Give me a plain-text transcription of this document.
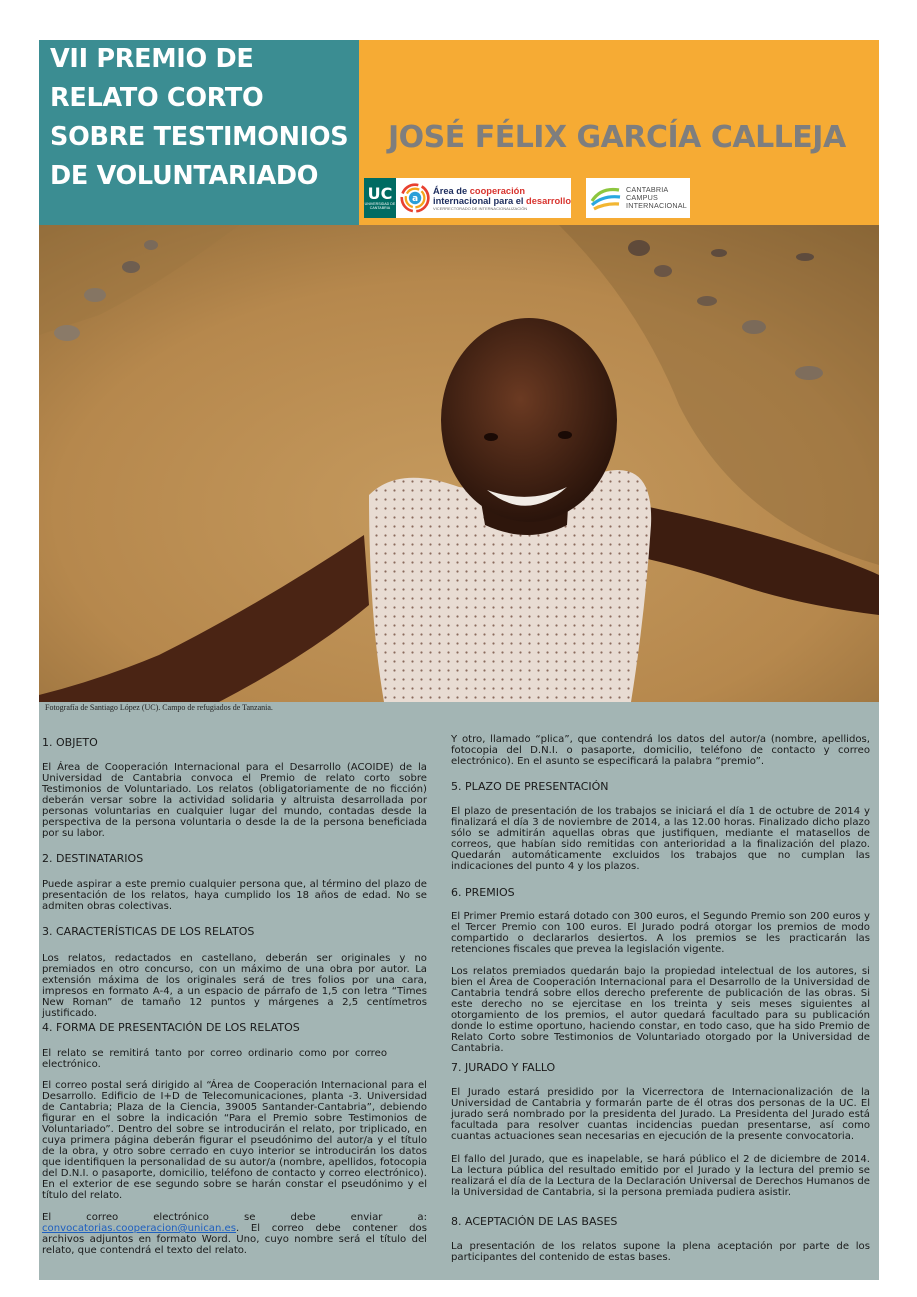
VII PREMIO DE
RELATO CORTO
SOBRE TESTIMONIOS
DE VOLUNTARIADO
JOSÉ FÉLIX GARCÍA CALLEJA
UC
UNIVERSIDAD DE CANTABRIA
a
Área de cooperación
internacional para el desarrollo
VICERRECTORADO DE INTERNACIONALIZACIÓN
CANTABRIA
CAMPUS
INTERNACIONAL

Fotografía de Santiago López (UC). Campo de refugiados de Tanzania.

1. OBJETO

El Área de Cooperación Internacional para el Desarrollo (ACOIDE) de la Universidad de Cantabria convoca el Premio de relato corto sobre Testimonios de Voluntariado. Los relatos (obligatoriamente de no ficción) deberán versar sobre la actividad solidaria y altruista desarrollada por personas voluntarias en cualquier lugar del mundo, contadas desde la perspectiva de la persona voluntaria o desde la de la persona beneficiada por su labor.

2. DESTINATARIOS

Puede aspirar a este premio cualquier persona que, al término del plazo de presentación de los relatos, haya cumplido los 18 años de edad. No se admiten obras colectivas.

3. CARACTERÍSTICAS DE LOS RELATOS

Los relatos, redactados en castellano, deberán ser originales y no premiados en otro concurso, con un máximo de una obra por autor. La extensión máxima de los originales será de tres folios por una cara, impresos en formato A-4, a un espacio de párrafo de 1,5 con letra “Times New Roman” de tamaño 12 puntos y márgenes a 2,5 centímetros justificado.

4. FORMA DE PRESENTACIÓN DE LOS RELATOS

El relato se remitirá tanto por correo ordinario como por correo electrónico.

El correo postal será dirigido al “Área de Cooperación Internacional para el Desarrollo. Edificio de I+D de Telecomunicaciones, planta -3. Universidad de Cantabria; Plaza de la Ciencia, 39005 Santander-Cantabria”, debiendo figurar en el sobre la indicación “Para el Premio sobre Testimonios de Voluntariado”. Dentro del sobre se introducirán el relato, por triplicado, en cuya primera página deberán figurar el pseudónimo del autor/a y el título de la obra, y otro sobre cerrado en cuyo interior se introducirán los datos que identifiquen la personalidad de su autor/a (nombre, apellidos, fotocopia del D.N.I. o pasaporte, domicilio, teléfono de contacto y correo electrónico). En el exterior de ese segundo sobre se harán constar el pseudónimo y el título del relato.

El correo electrónico se debe enviar a: convocatorias.cooperacion@unican.es. El correo debe contener dos archivos adjuntos en formato Word. Uno, cuyo nombre será el título del relato, que contendrá el texto del relato.

Y otro, llamado “plica”, que contendrá los datos del autor/a (nombre, apellidos, fotocopia del D.N.I. o pasaporte, domicilio, teléfono de contacto y correo electrónico). En el asunto se especificará la palabra “premio”.

5. PLAZO DE PRESENTACIÓN

El plazo de presentación de los trabajos se iniciará el día 1 de octubre de 2014 y finalizará el día 3 de noviembre de 2014, a las 12.00 horas. Finalizado dicho plazo sólo se admitirán aquellas obras que justifiquen, mediante el matasellos de correos, que habían sido remitidas con anterioridad a la finalización del plazo. Quedarán automáticamente excluidos los trabajos que no cumplan las indicaciones del punto 4 y los plazos.

6. PREMIOS

El Primer Premio estará dotado con 300 euros, el Segundo Premio son 200 euros y el Tercer Premio con 100 euros. El Jurado podrá otorgar los premios de modo compartido o declararlos desiertos. A los premios se les practicarán las retenciones fiscales que prevea la legislación vigente.

Los relatos premiados quedarán bajo la propiedad intelectual de los autores, si bien el Área de Cooperación Internacional para el Desarrollo de la Universidad de Cantabria tendrá sobre ellos derecho preferente de publicación de las obras. Si este derecho no se ejercitase en los treinta y seis meses siguientes al otorgamiento de los premios, el autor quedará facultado para su publicación donde lo estime oportuno, haciendo constar, en todo caso, que ha sido Premio de Relato Corto sobre Testimonios de Voluntariado otorgado por la Universidad de Cantabria.

7. JURADO Y FALLO

El Jurado estará presidido por la Vicerrectora de Internacionalización de la Universidad de Cantabria y formarán parte de él otras dos personas de la UC. El jurado será nombrado por la presidenta del Jurado. La Presidenta del Jurado está facultada para resolver cuantas incidencias puedan presentarse, así como cuantas actuaciones sean necesarias en ejecución de la presente convocatoria.

El fallo del Jurado, que es inapelable, se hará público el 2 de diciembre de 2014. La lectura pública del resultado emitido por el Jurado y la lectura del premio se realizará el día de la Lectura de la Declaración Universal de Derechos Humanos de la Universidad de Cantabria, si la persona premiada pudiera asistir.

8. ACEPTACIÓN DE LAS BASES

La presentación de los relatos supone la plena aceptación por parte de los participantes del contenido de estas bases.
